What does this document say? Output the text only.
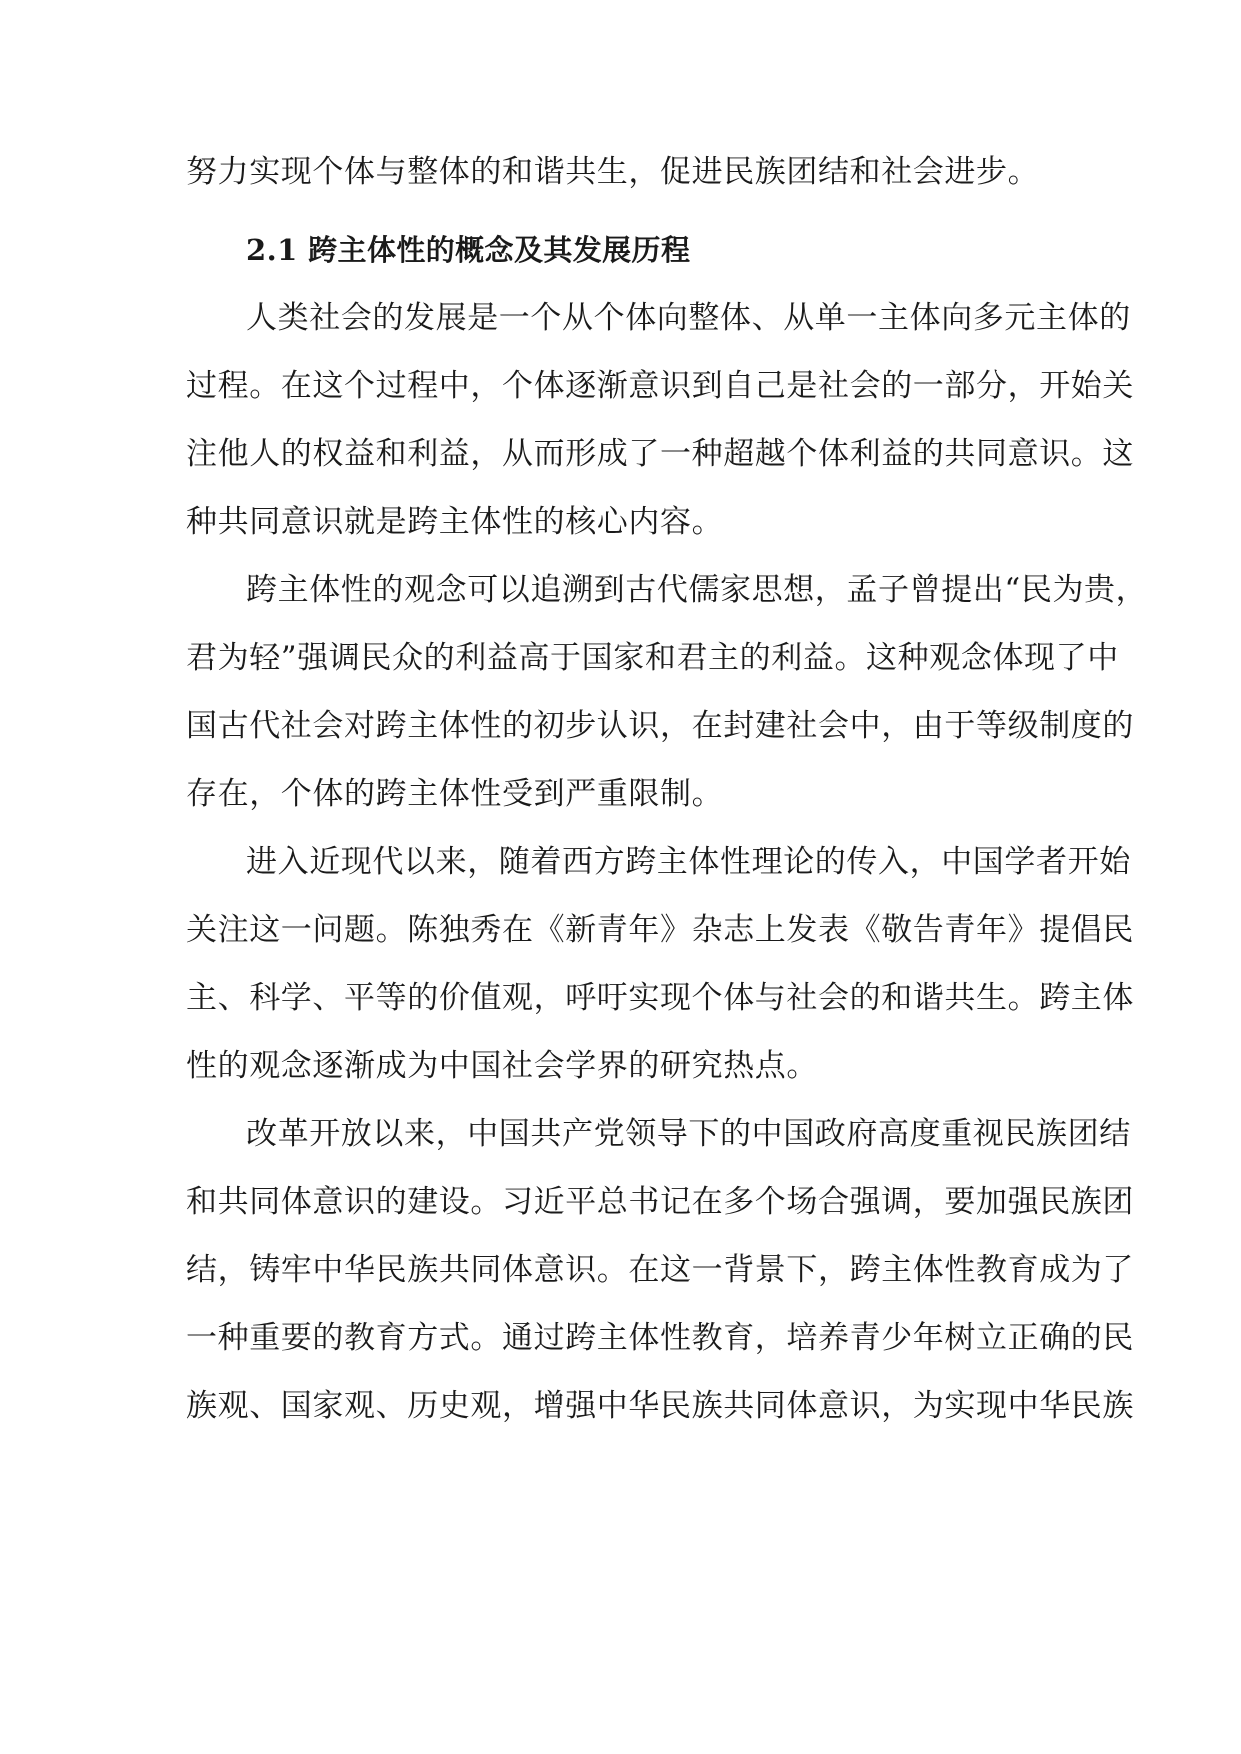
努力实现个体与整体的和谐共生，促进民族团结和社会进步。
2.1 跨主体性的概念及其发展历程
人类社会的发展是一个从个体向整体、从单一主体向多元主体的
过程。在这个过程中，个体逐渐意识到自己是社会的一部分，开始关
注他人的权益和利益，从而形成了一种超越个体利益的共同意识。这
种共同意识就是跨主体性的核心内容。
跨主体性的观念可以追溯到古代儒家思想，孟子曾提出“民为贵，
君为轻”强调民众的利益高于国家和君主的利益。这种观念体现了中
国古代社会对跨主体性的初步认识，在封建社会中，由于等级制度的
存在，个体的跨主体性受到严重限制。
进入近现代以来，随着西方跨主体性理论的传入，中国学者开始
关注这一问题。陈独秀在《新青年》杂志上发表《敬告青年》提倡民
主、科学、平等的价值观，呼吁实现个体与社会的和谐共生。跨主体
性的观念逐渐成为中国社会学界的研究热点。
改革开放以来，中国共产党领导下的中国政府高度重视民族团结
和共同体意识的建设。习近平总书记在多个场合强调，要加强民族团
结，铸牢中华民族共同体意识。在这一背景下，跨主体性教育成为了
一种重要的教育方式。通过跨主体性教育，培养青少年树立正确的民
族观、国家观、历史观，增强中华民族共同体意识，为实现中华民族
